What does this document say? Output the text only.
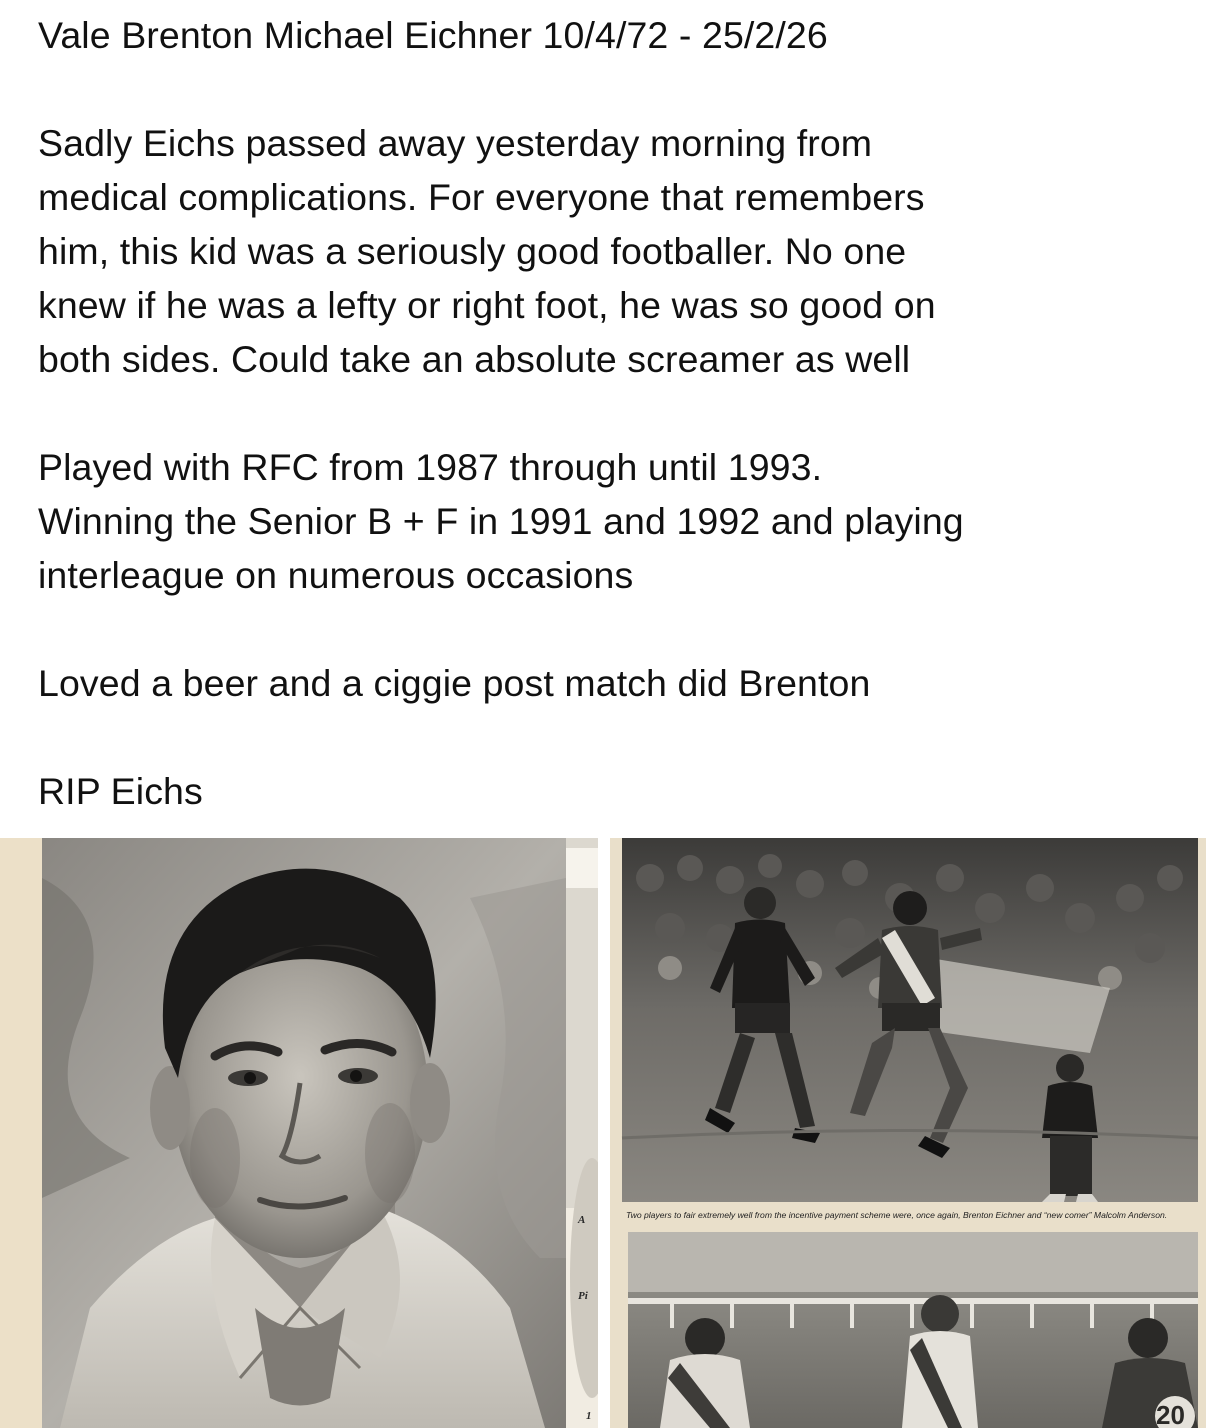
Vale Brenton Michael Eichner 10/4/72 - 25/2/26

Sadly Eichs passed away yesterday morning from

medical complications. For everyone that remembers

him, this kid was a seriously good footballer. No one

knew if he was a lefty or right foot, he was so good on

both sides. Could take an absolute screamer as well

Played with RFC from 1987 through until 1993.

Winning the Senior B + F in 1991 and 1992 and playing

interleague on numerous occasions

Loved a beer and a ciggie post match did Brenton

RIP Eichs

A
Pi
1	20
Two players to fair extremely well from the incentive payment scheme were, once again, Brenton Eichner and “new comer” Malcolm Anderson.
